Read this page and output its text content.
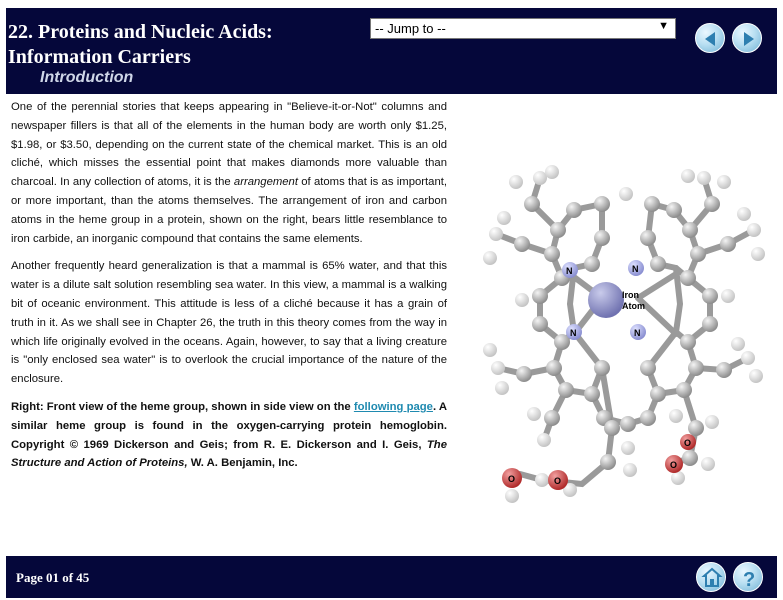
22. Proteins and Nucleic Acids: Information Carriers
Introduction
-- Jump to --	▼

One of the perennial stories that keeps appearing in "Believe-it-or-Not" columns and newspaper fillers is that all of the elements in the human body are worth only $1.25, $1.98, or $3.50, depending on the current state of the chemical market. This is an old cliché, which misses the essential point that makes diamonds more valuable than charcoal. In any collection of atoms, it is the arrangement of atoms that is as important, or more important, than the atoms themselves. The arrangement of iron and carbon atoms in the heme group in a protein, shown on the right, bears little resemblance to iron carbide, an inorganic compound that contains the same elements.

Another frequently heard generalization is that a mammal is 65% water, and that this water is a dilute salt solution resembling sea water. In this view, a mammal is a walking bit of oceanic environment. This attitude is less of a cliché because it has a grain of truth in it. As we shall see in Chapter 26, the truth in this theory comes from the way in which life originally evolved in the oceans. Again, however, to say that a living creature is "only enclosed sea water" is to overlook the crucial importance of the nature of the enclosure.

Right: Front view of the heme group, shown in side view on the following page. A similar heme group is found in the oxygen-carrying protein hemoglobin. Copyright © 1969 Dickerson and Geis; from R. E. Dickerson and I. Geis, The Structure and Action of Proteins, W. A. Benjamin, Inc.

N	N
N	N
Iron
Atom
O	O
O
O
Page 01 of 45	?
